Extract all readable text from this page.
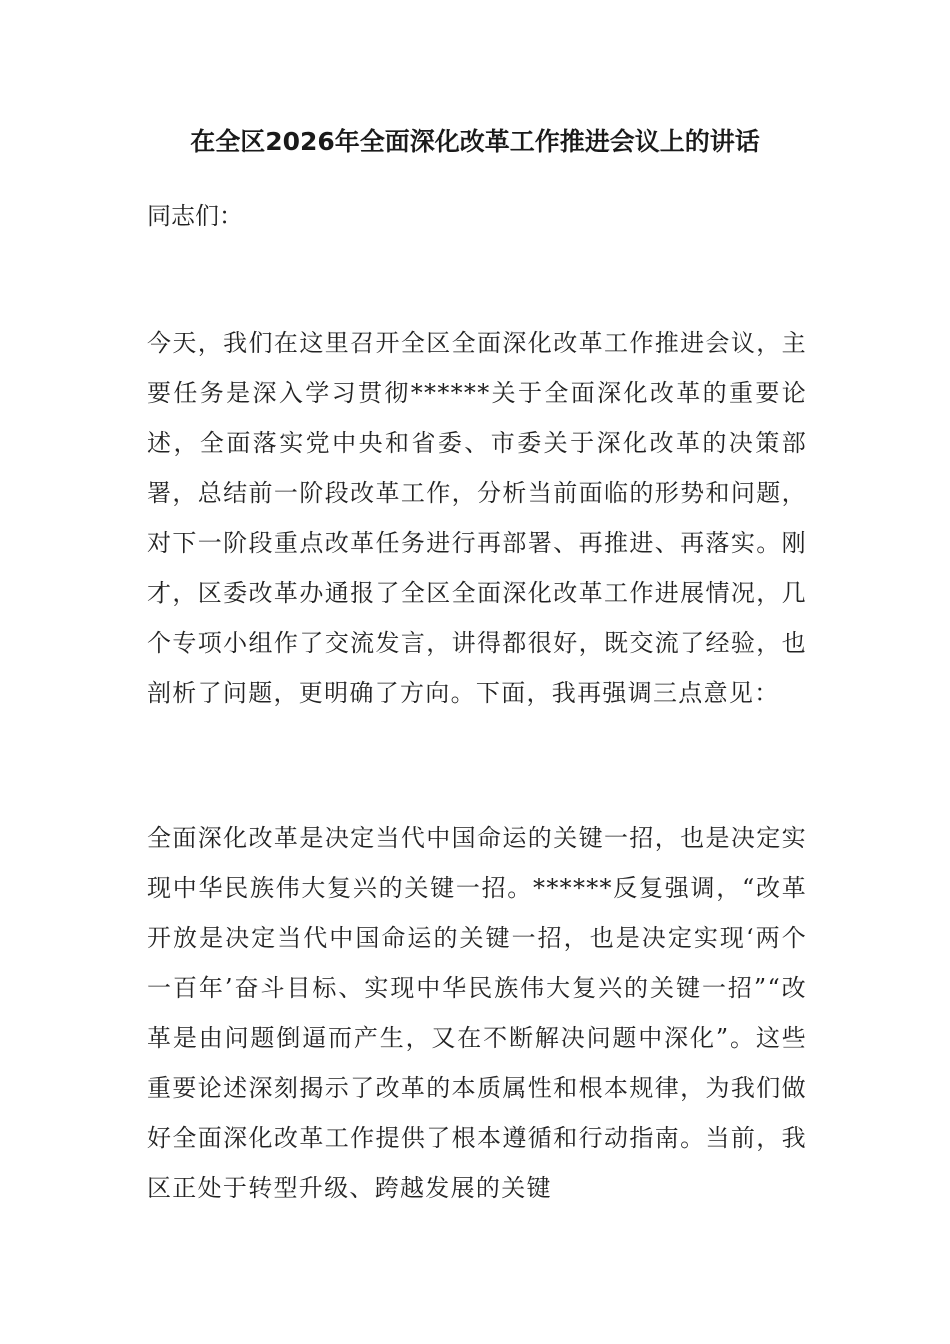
在全区2026年全面深化改革工作推进会议上的讲话

同志们：

今天，我们在这里召开全区全面深化改革工作推进会议，主要任务是深入学习贯彻******关于全面深化改革的重要论述，全面落实党中央和省委、市委关于深化改革的决策部署，总结前一阶段改革工作，分析当前面临的形势和问题，对下一阶段重点改革任务进行再部署、再推进、再落实。刚才，区委改革办通报了全区全面深化改革工作进展情况，几个专项小组作了交流发言，讲得都很好，既交流了经验，也剖析了问题，更明确了方向。下面，我再强调三点意见：

全面深化改革是决定当代中国命运的关键一招，也是决定实现中华民族伟大复兴的关键一招。******反复强调，“改革开放是决定当代中国命运的关键一招，也是决定实现‘两个一百年’奋斗目标、实现中华民族伟大复兴的关键一招”“改革是由问题倒逼而产生，又在不断解决问题中深化”。这些重要论述深刻揭示了改革的本质属性和根本规律，为我们做好全面深化改革工作提供了根本遵循和行动指南。当前，我区正处于转型升级、跨越发展的关键
